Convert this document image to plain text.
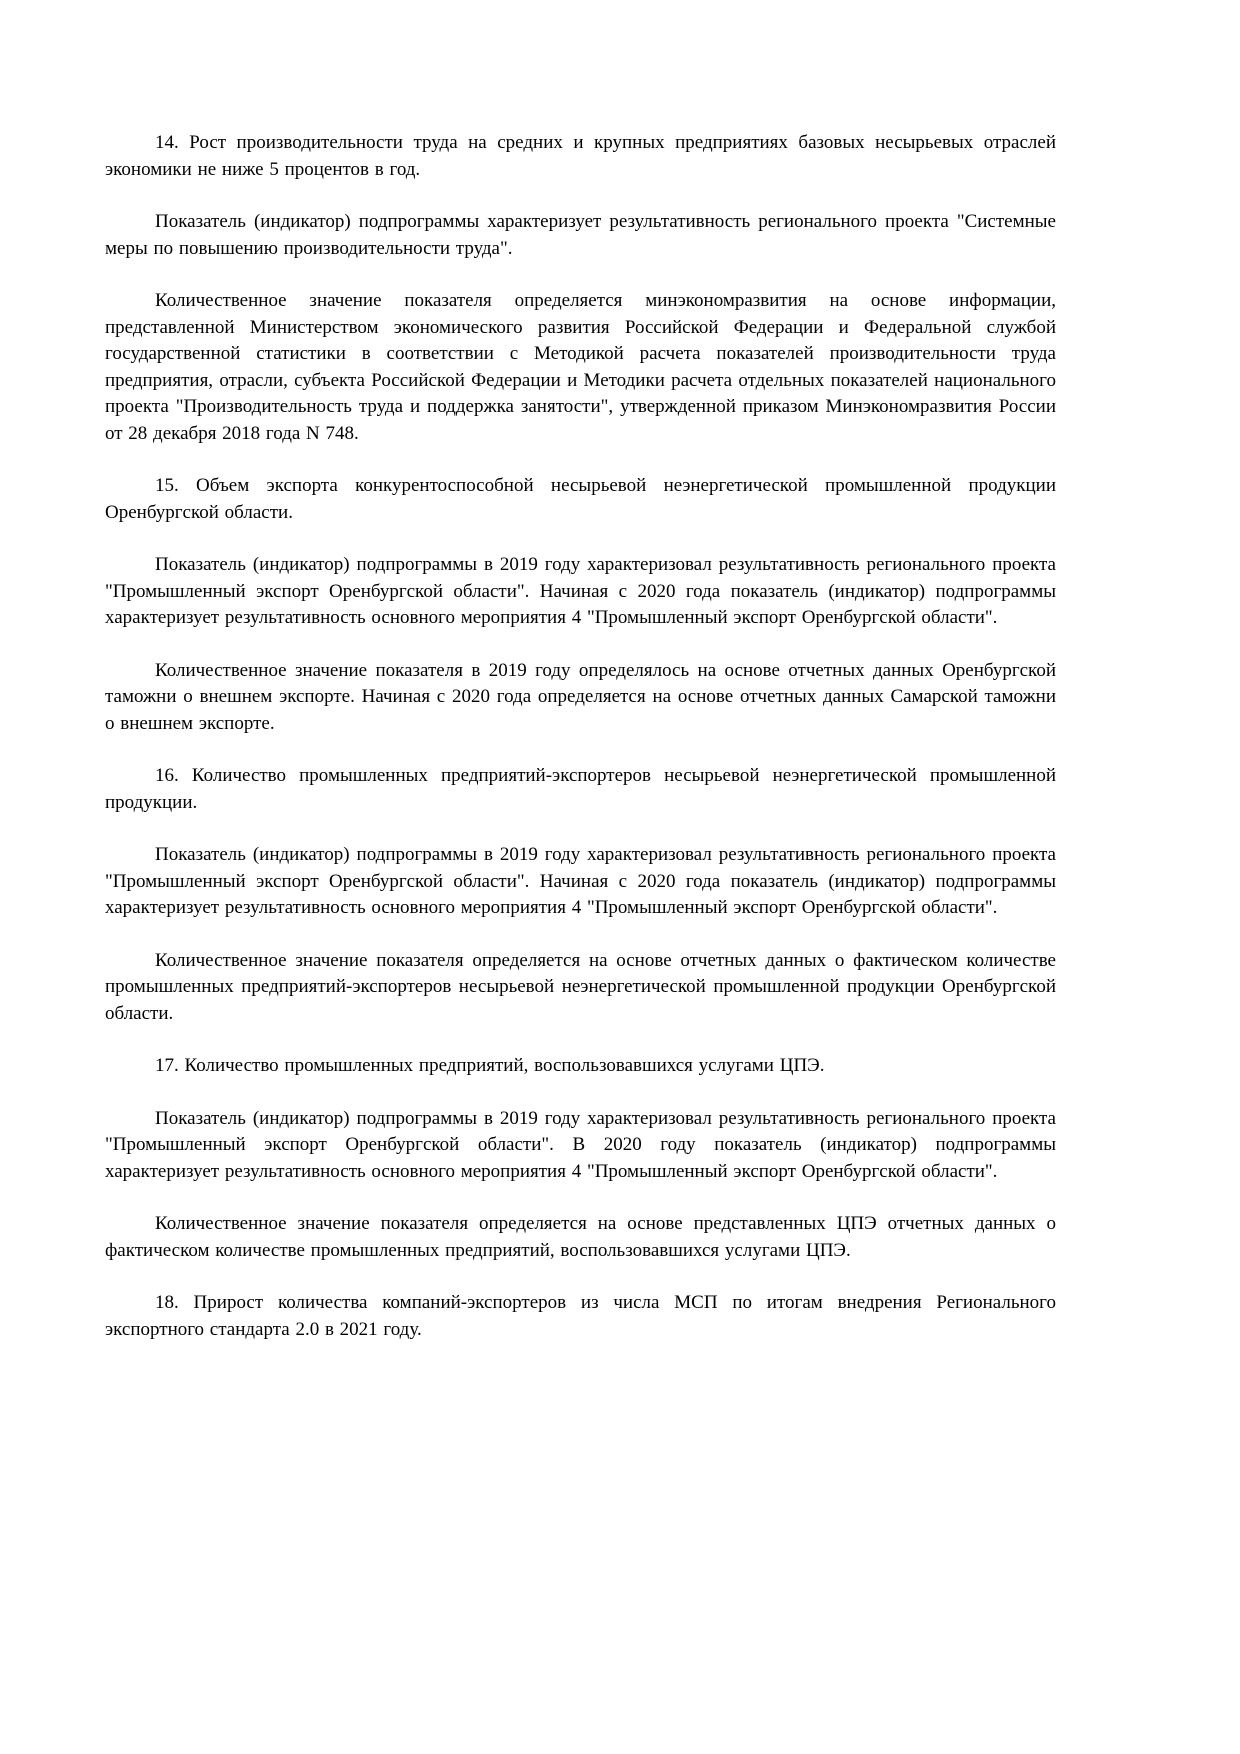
14. Рост производительности труда на средних и крупных предприятиях базовых несырьевых отраслей экономики не ниже 5 процентов в год.

Показатель (индикатор) подпрограммы характеризует результативность регионального проекта "Системные меры по повышению производительности труда".

Количественное значение показателя определяется минэкономразвития на основе информации, представленной Министерством экономического развития Российской Федерации и Федеральной службой государственной статистики в соответствии с Методикой расчета показателей производительности труда предприятия, отрасли, субъекта Российской Федерации и Методики расчета отдельных показателей национального проекта "Производительность труда и поддержка занятости", утвержденной приказом Минэкономразвития России от 28 декабря 2018 года N 748.

15. Объем экспорта конкурентоспособной несырьевой неэнергетической промышленной продукции Оренбургской области.

Показатель (индикатор) подпрограммы в 2019 году характеризовал результативность регионального проекта "Промышленный экспорт Оренбургской области". Начиная с 2020 года показатель (индикатор) подпрограммы характеризует результативность основного мероприятия 4 "Промышленный экспорт Оренбургской области".

Количественное значение показателя в 2019 году определялось на основе отчетных данных Оренбургской таможни о внешнем экспорте. Начиная с 2020 года определяется на основе отчетных данных Самарской таможни о внешнем экспорте.

16. Количество промышленных предприятий-экспортеров несырьевой неэнергетической промышленной продукции.

Показатель (индикатор) подпрограммы в 2019 году характеризовал результативность регионального проекта "Промышленный экспорт Оренбургской области". Начиная с 2020 года показатель (индикатор) подпрограммы характеризует результативность основного мероприятия 4 "Промышленный экспорт Оренбургской области".

Количественное значение показателя определяется на основе отчетных данных о фактическом количестве промышленных предприятий-экспортеров несырьевой неэнергетической промышленной продукции Оренбургской области.

17. Количество промышленных предприятий, воспользовавшихся услугами ЦПЭ.

Показатель (индикатор) подпрограммы в 2019 году характеризовал результативность регионального проекта "Промышленный экспорт Оренбургской области". В 2020 году показатель (индикатор) подпрограммы характеризует результативность основного мероприятия 4 "Промышленный экспорт Оренбургской области".

Количественное значение показателя определяется на основе представленных ЦПЭ отчетных данных о фактическом количестве промышленных предприятий, воспользовавшихся услугами ЦПЭ.

18. Прирост количества компаний-экспортеров из числа МСП по итогам внедрения Регионального экспортного стандарта 2.0 в 2021 году.
